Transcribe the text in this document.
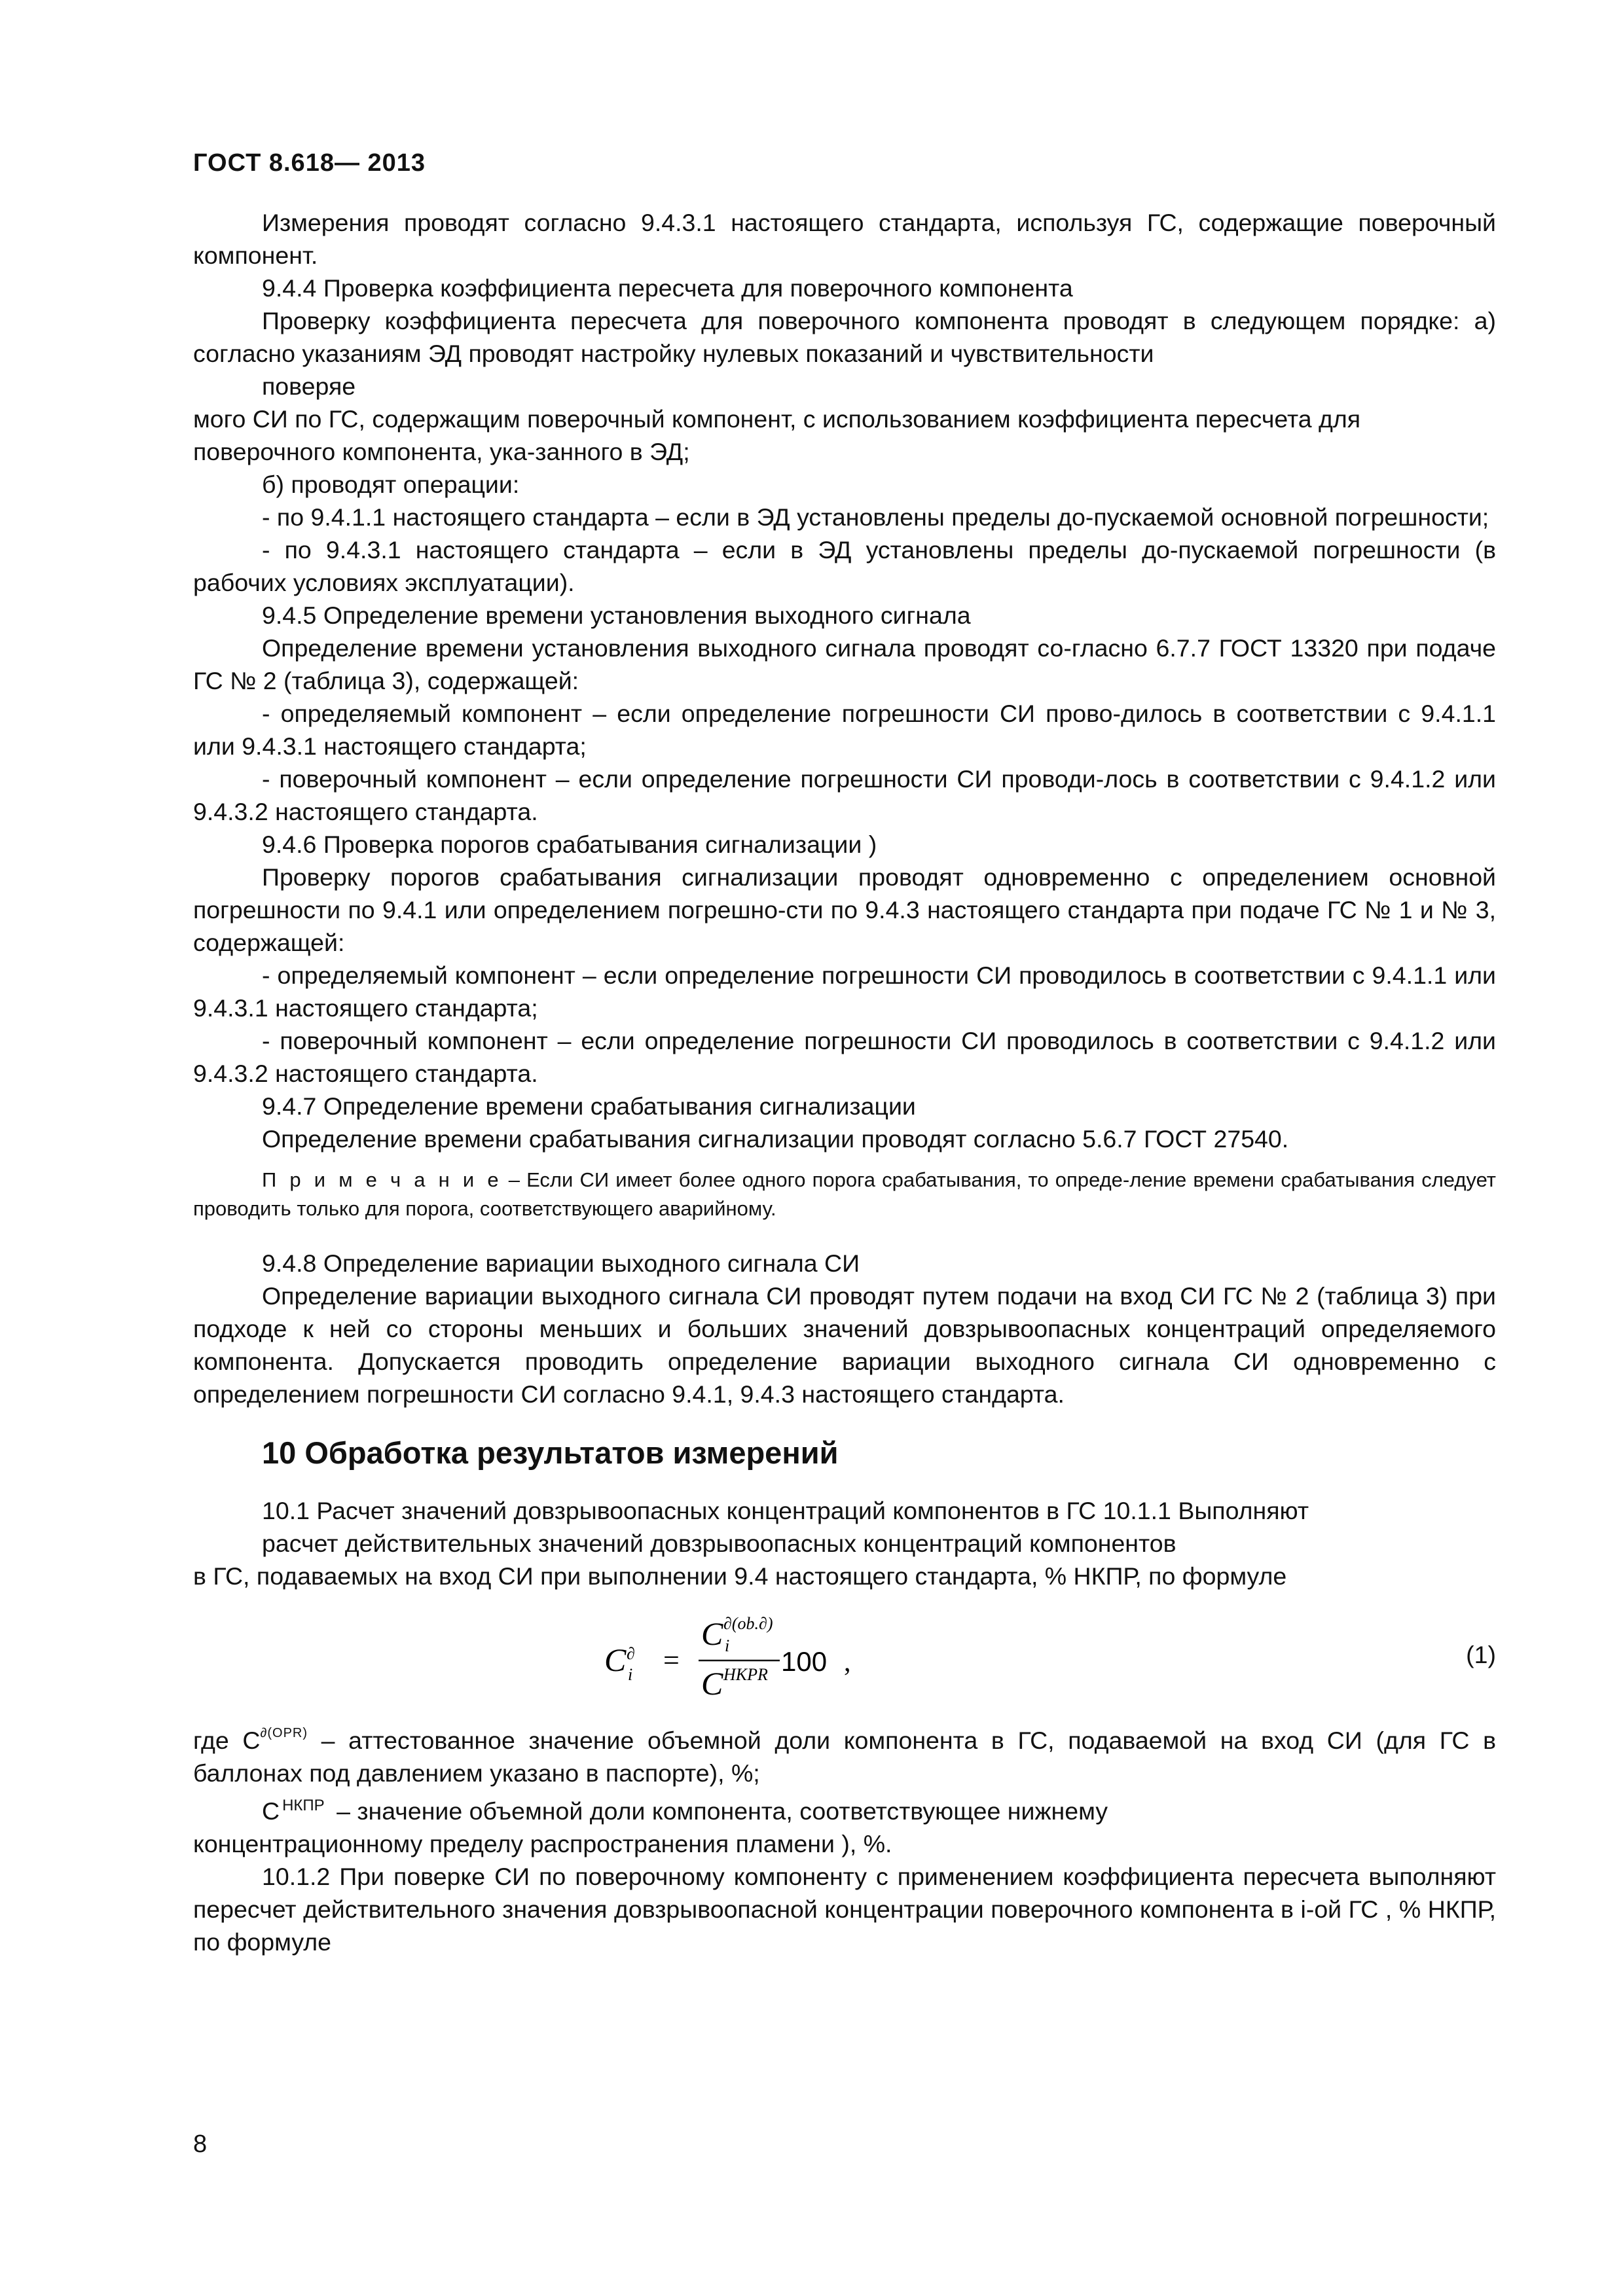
ГОСТ 8.618— 2013

Измерения проводят согласно 9.4.3.1 настоящего стандарта, используя ГС, содержащие поверочный компонент.

9.4.4 Проверка коэффициента пересчета для поверочного компонента

Проверку коэффициента пересчета для поверочного компонента проводят в следующем порядке: а) согласно указаниям ЭД проводят настройку нулевых показаний и чувствительности

поверяе

мого СИ по ГС, содержащим поверочный компонент, с использованием коэффициента пересчета для поверочного компонента, ука-занного в ЭД;

б) проводят операции:

- по 9.4.1.1 настоящего стандарта – если в ЭД установлены пределы до-пускаемой основной погрешности;

- по 9.4.3.1 настоящего стандарта – если в ЭД установлены пределы до-пускаемой погрешности (в рабочих условиях эксплуатации).

9.4.5 Определение времени установления выходного сигнала

Определение времени установления выходного сигнала проводят со-гласно 6.7.7 ГОСТ 13320 при подаче ГС № 2 (таблица 3), содержащей:

- определяемый компонент – если определение погрешности СИ прово-дилось в соответствии с 9.4.1.1 или 9.4.3.1 настоящего стандарта;

- поверочный компонент – если определение погрешности СИ проводи-лось в соответствии с 9.4.1.2 или 9.4.3.2 настоящего стандарта.

9.4.6 Проверка порогов срабатывания сигнализации )

Проверку порогов срабатывания сигнализации проводят одновременно с определением основной погрешности по 9.4.1 или определением погрешно-сти по 9.4.3 настоящего стандарта при подаче ГС № 1 и № 3, содержащей:

- определяемый компонент – если определение погрешности СИ проводилось в соответствии с 9.4.1.1 или 9.4.3.1 настоящего стандарта;

- поверочный компонент – если определение погрешности СИ проводилось в соответствии с 9.4.1.2 или 9.4.3.2 настоящего стандарта.

9.4.7 Определение времени срабатывания сигнализации

Определение времени срабатывания сигнализации проводят согласно 5.6.7 ГОСТ 27540.

П р и м е ч а н и е – Если СИ имеет более одного порога срабатывания, то опреде-ление времени срабатывания следует проводить только для порога, соответствующего аварийному.

9.4.8 Определение вариации выходного сигнала СИ

Определение вариации выходного сигнала СИ проводят путем подачи на вход СИ ГС № 2 (таблица 3) при подходе к ней со стороны меньших и больших значений довзрывоопасных концентраций определяемого компонента. Допускается проводить определение вариации выходного сигнала СИ одновременно с определением погрешности СИ согласно 9.4.1, 9.4.3 настоящего стандарта.

10 Обработка результатов измерений

10.1 Расчет значений довзрывоопасных концентраций компонентов в ГС 10.1.1 Выполняют

расчет действительных значений довзрывоопасных концентраций компонентов

в ГС, подаваемых на вход СИ при выполнении 9.4 настоящего стандарта, % НКПР, по формуле

C ∂
i =
C ∂(ob.∂)
i
C HKPR 100 ,	(1)

где $C^{\partial(OPR)}$ – аттестованное значение объемной доли компонента в ГС, подаваемой на вход СИ (для ГС в баллонах под давлением указано в паспорте), %;

С $^{НКПР}$ – значение объемной доли компонента, соответствующее нижнему

концентрационному пределу распространения пламени ), %.

10.1.2 При поверке СИ по поверочному компоненту с применением коэффициента пересчета выполняют пересчет действительного значения довзрывоопасной концентрации поверочного компонента в i-ой ГС , % НКПР, по формуле

8
